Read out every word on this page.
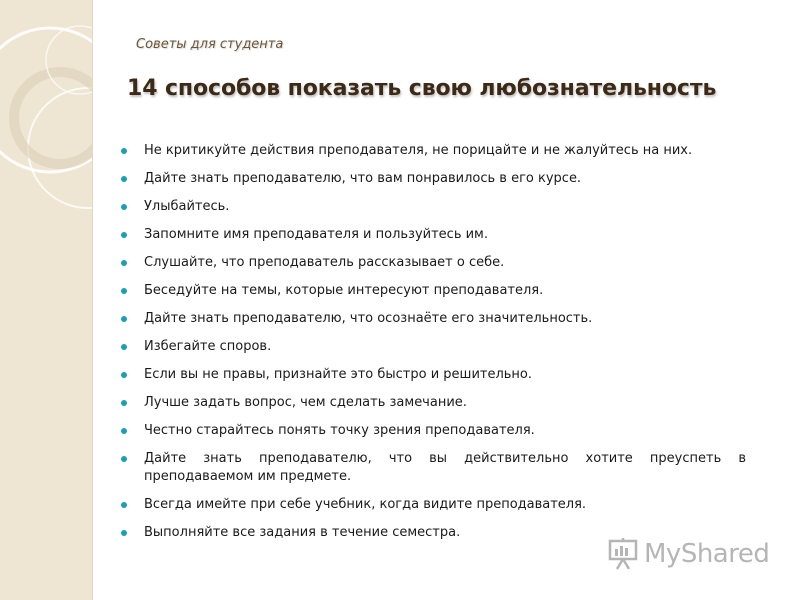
Советы для студента
14 способов показать свою любознательность
Не критикуйте действия преподавателя, не порицайте и не жалуйтесь на них.
Дайте знать преподавателю, что вам понравилось в его курсе.
Улыбайтесь.
Запомните имя преподавателя и пользуйтесь им.
Слушайте, что преподаватель рассказывает о себе.
Беседуйте на темы, которые интересуют преподавателя.
Дайте знать преподавателю, что осознаёте его значительность.
Избегайте споров.
Если вы не правы, признайте это быстро и решительно.
Лучше задать вопрос, чем сделать замечание.
Честно старайтесь понять точку зрения преподавателя.
Дайте знать преподавателю, что вы действительно хотите преуспеть в преподаваемом им предмете.
Всегда имейте при себе учебник, когда видите преподавателя.
Выполняйте все задания в течение семестра.
MyShared
